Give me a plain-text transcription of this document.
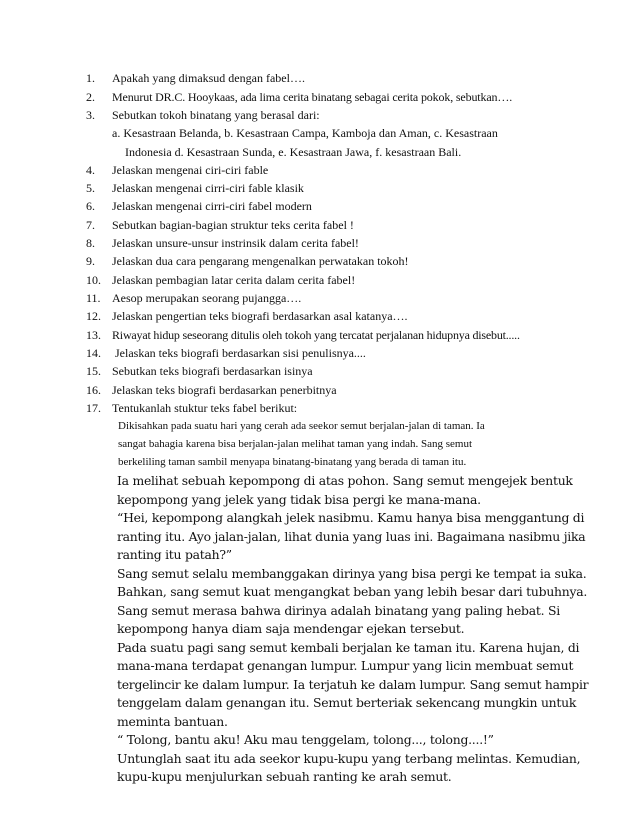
1. Apakah yang dimaksud dengan fabel….
2. Menurut DR.C. Hooykaas, ada lima cerita binatang sebagai cerita pokok, sebutkan….
3. Sebutkan tokoh binatang yang berasal dari:
a. Kesastraan Belanda, b. Kesastraan Campa, Kamboja dan Aman, c. Kesastraan
Indonesia d. Kesastraan Sunda, e. Kesastraan Jawa, f. kesastraan Bali.
4. Jelaskan mengenai ciri-ciri fable
5. Jelaskan mengenai cirri-ciri fable klasik
6. Jelaskan mengenai cirri-ciri fabel modern
7. Sebutkan bagian-bagian struktur teks cerita fabel !
8. Jelaskan unsure-unsur instrinsik dalam cerita fabel!
9. Jelaskan dua cara pengarang mengenalkan perwatakan tokoh!
10. Jelaskan pembagian latar cerita dalam cerita fabel!
11. Aesop merupakan seorang pujangga….
12. Jelaskan pengertian teks biografi berdasarkan asal katanya….
13. Riwayat hidup seseorang ditulis oleh tokoh yang tercatat perjalanan hidupnya disebut.....
14. Jelaskan teks biografi berdasarkan sisi penulisnya....
15. Sebutkan teks biografi berdasarkan isinya
16. Jelaskan teks biografi berdasarkan penerbitnya
17. Tentukanlah stuktur teks fabel berikut:
Dikisahkan pada suatu hari yang cerah ada seekor semut berjalan-jalan di taman. Ia
sangat bahagia karena bisa berjalan-jalan melihat taman yang indah. Sang semut
berkeliling taman sambil menyapa binatang-binatang yang berada di taman itu.
Ia melihat sebuah kepompong di atas pohon. Sang semut mengejek bentuk
kepompong yang jelek yang tidak bisa pergi ke mana-mana.
“Hei, kepompong alangkah jelek nasibmu. Kamu hanya bisa menggantung di
ranting itu. Ayo jalan-jalan, lihat dunia yang luas ini. Bagaimana nasibmu jika
ranting itu patah?”
Sang semut selalu membanggakan dirinya yang bisa pergi ke tempat ia suka.
Bahkan, sang semut kuat mengangkat beban yang lebih besar dari tubuhnya.
Sang semut merasa bahwa dirinya adalah binatang yang paling hebat. Si
kepompong hanya diam saja mendengar ejekan tersebut.
Pada suatu pagi sang semut kembali berjalan ke taman itu. Karena hujan, di
mana-mana terdapat genangan lumpur. Lumpur yang licin membuat semut
tergelincir ke dalam lumpur. Ia terjatuh ke dalam lumpur. Sang semut hampir
tenggelam dalam genangan itu. Semut berteriak sekencang mungkin untuk
meminta bantuan.
“ Tolong, bantu aku! Aku mau tenggelam, tolong..., tolong....!”
Untunglah saat itu ada seekor kupu-kupu yang terbang melintas. Kemudian,
kupu-kupu menjulurkan sebuah ranting ke arah semut.
